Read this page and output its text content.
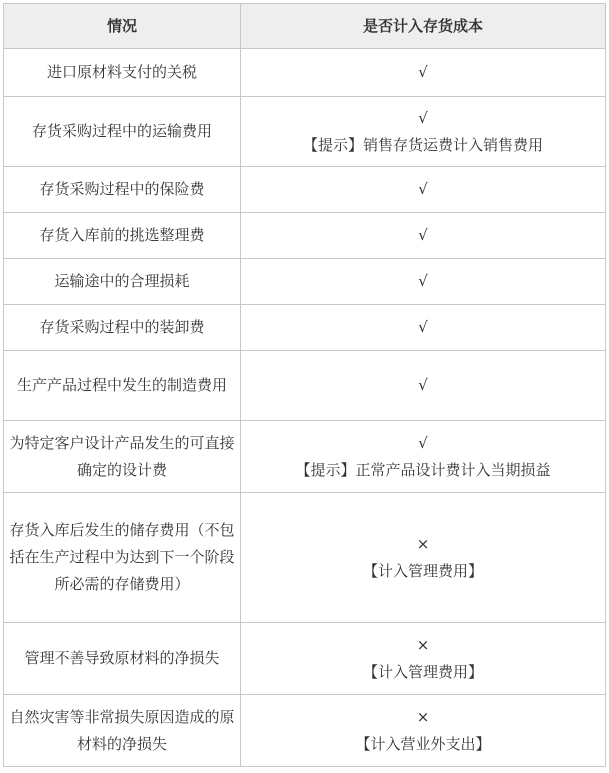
情况	是否计入存货成本
进口原材料支付的关税	√

存货采购过程中的运输费用	√
【提示】销售存货运费计入销售费用

存货采购过程中的保险费	√

存货入库前的挑选整理费	√

运输途中的合理损耗	√

存货采购过程中的装卸费	√

生产产品过程中发生的制造费用	√

为特定客户设计产品发生的可直接确定的设计费	√
【提示】正常产品设计费计入当期损益

存货入库后发生的储存费用（不包括在生产过程中为达到下一个阶段所必需的存储费用）	×
【计入管理费用】

管理不善导致原材料的净损失	×
【计入管理费用】

自然灾害等非常损失原因造成的原材料的净损失	×
【计入营业外支出】
